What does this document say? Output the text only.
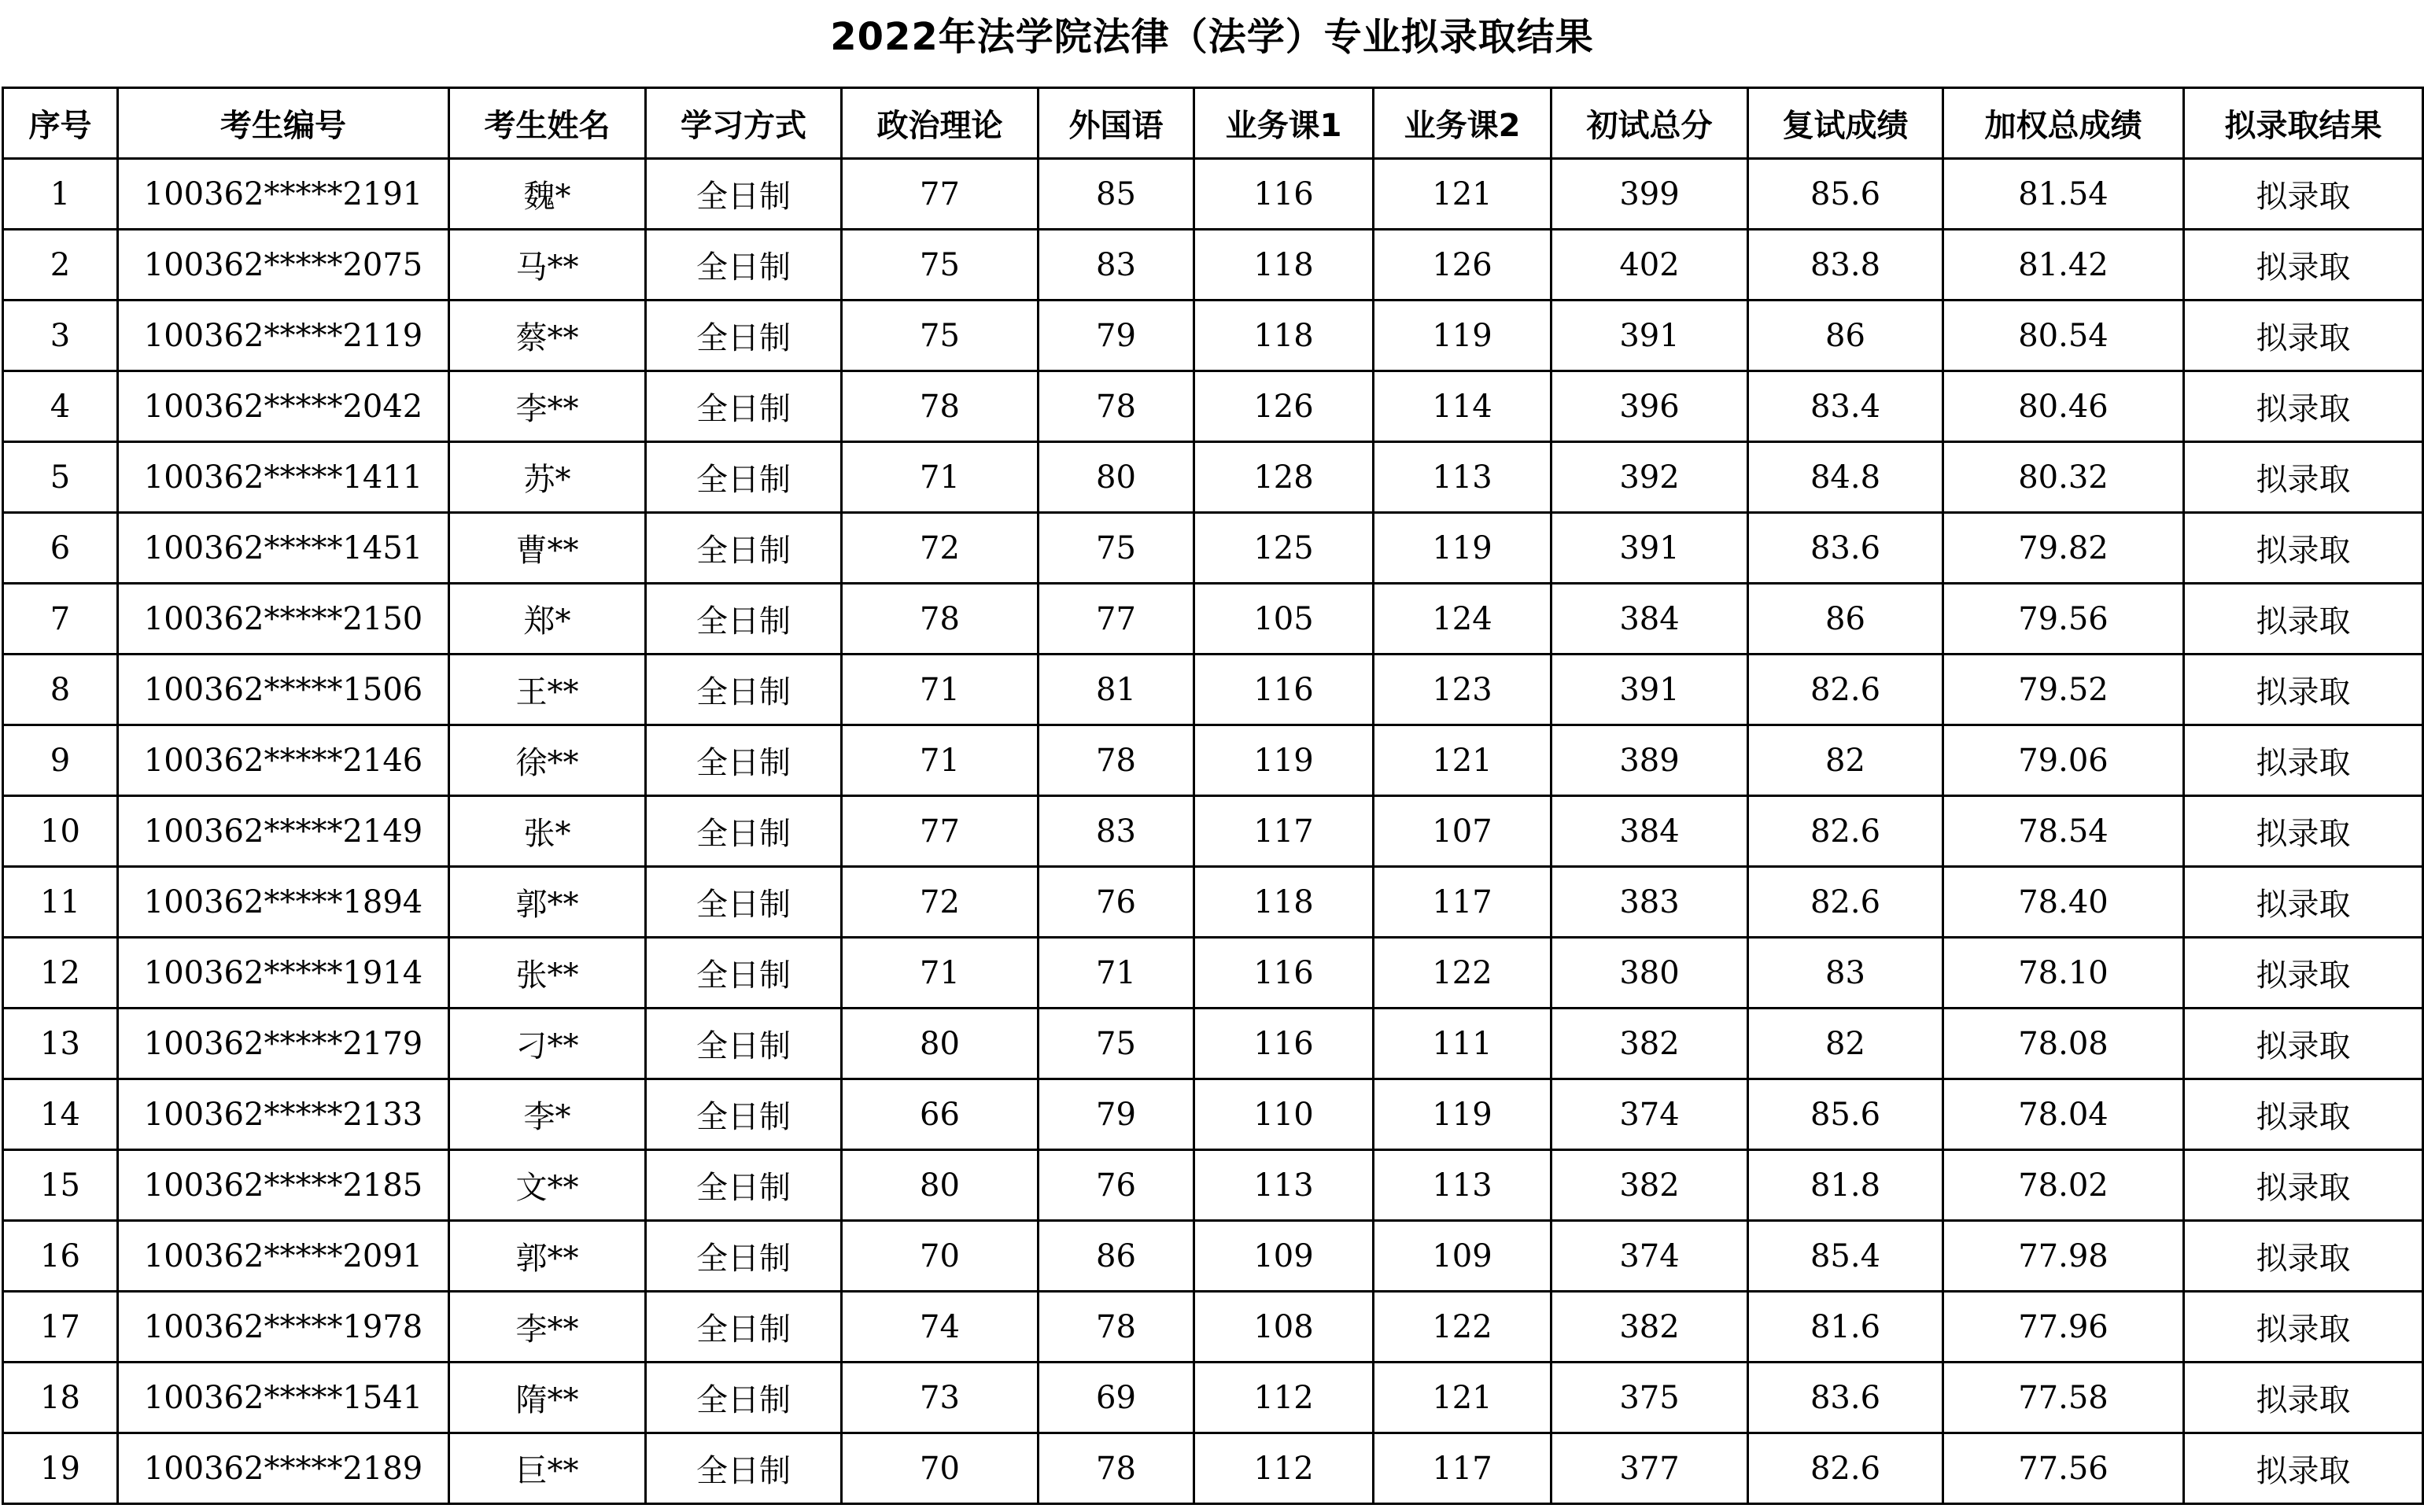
2022年法学院法律（法学）专业拟录取结果
序号	考生编号	考生姓名	学习方式	政治理论	外国语	业务课1	业务课2	初试总分	复试成绩	加权总成绩	拟录取结果
1	100362*****2191	魏*	全日制	77	85	116	121	399	85.6	81.54	拟录取
2	100362*****2075	马**	全日制	75	83	118	126	402	83.8	81.42	拟录取
3	100362*****2119	蔡**	全日制	75	79	118	119	391	86	80.54	拟录取
4	100362*****2042	李**	全日制	78	78	126	114	396	83.4	80.46	拟录取
5	100362*****1411	苏*	全日制	71	80	128	113	392	84.8	80.32	拟录取
6	100362*****1451	曹**	全日制	72	75	125	119	391	83.6	79.82	拟录取
7	100362*****2150	郑*	全日制	78	77	105	124	384	86	79.56	拟录取
8	100362*****1506	王**	全日制	71	81	116	123	391	82.6	79.52	拟录取
9	100362*****2146	徐**	全日制	71	78	119	121	389	82	79.06	拟录取
10	100362*****2149	张*	全日制	77	83	117	107	384	82.6	78.54	拟录取
11	100362*****1894	郭**	全日制	72	76	118	117	383	82.6	78.40	拟录取
12	100362*****1914	张**	全日制	71	71	116	122	380	83	78.10	拟录取
13	100362*****2179	刁**	全日制	80	75	116	111	382	82	78.08	拟录取
14	100362*****2133	李*	全日制	66	79	110	119	374	85.6	78.04	拟录取
15	100362*****2185	文**	全日制	80	76	113	113	382	81.8	78.02	拟录取
16	100362*****2091	郭**	全日制	70	86	109	109	374	85.4	77.98	拟录取
17	100362*****1978	李**	全日制	74	78	108	122	382	81.6	77.96	拟录取
18	100362*****1541	隋**	全日制	73	69	112	121	375	83.6	77.58	拟录取
19	100362*****2189	巨**	全日制	70	78	112	117	377	82.6	77.56	拟录取
